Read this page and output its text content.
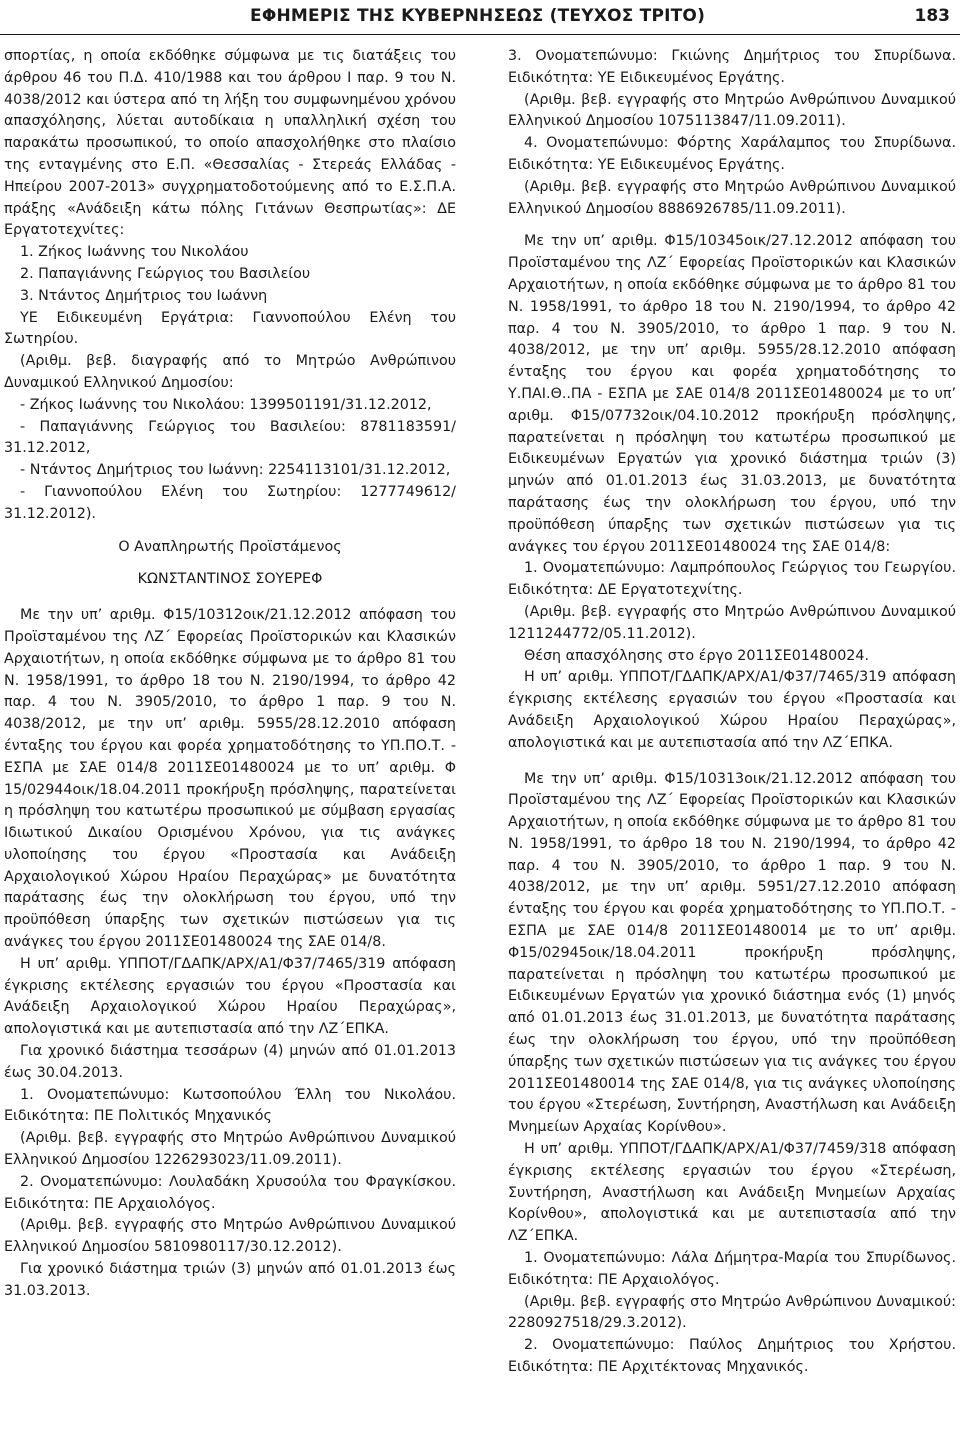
ΕΦΗΜΕΡΙΣ ΤΗΣ ΚΥΒΕΡΝΗΣΕΩΣ (ΤΕΥΧΟΣ ΤΡΙΤΟ)	183

σπορτίας, η οποία εκδόθηκε σύμφωνα με τις διατάξεις του άρθρου 46 του Π.Δ. 410/1988 και του άρθρου Ι παρ. 9 του Ν. 4038/2012 και ύστερα από τη λήξη του συμφωνημένου χρόνου απασχόλησης, λύεται αυτοδίκαια η υπαλληλική σχέση του παρακάτω προσωπικού, το οποίο απασχολήθηκε στο πλαίσιο της ενταγμένης στο Ε.Π. «Θεσσαλίας - Στερεάς Ελλάδας - Ηπείρου 2007-2013» συγχρηματοδοτούμενης από το Ε.Σ.Π.Α. πράξης «Ανάδειξη κάτω πόλης Γιτάνων Θεσπρωτίας»: ΔΕ Εργατοτεχνίτες:

1. Ζήκος Ιωάννης του Νικολάου

2. Παπαγιάννης Γεώργιος του Βασιλείου

3. Ντάντος Δημήτριος του Ιωάννη

ΥΕ Ειδικευμένη Εργάτρια: Γιαννοπούλου Ελένη του Σωτηρίου.

(Αριθμ. βεβ. διαγραφής από το Μητρώο Ανθρώπινου Δυναμικού Ελληνικού Δημοσίου:

- Ζήκος Ιωάννης του Νικολάου: 1399501191/31.12.2012,

- Παπαγιάννης Γεώργιος του Βασιλείου: 8781183591/ 31.12.2012,

- Ντάντος Δημήτριος του Ιωάννη: 2254113101/31.12.2012,

- Γιαννοπούλου Ελένη του Σωτηρίου: 1277749612/ 31.12.2012).

Ο Αναπληρωτής Προϊστάμενος

ΚΩΝΣΤΑΝΤΙΝΟΣ ΣΟΥΕΡΕΦ

Με την υπ’ αριθμ. Φ15/10312οικ/21.12.2012 απόφαση του Προϊσταμένου της ΛΖ΄ Εφορείας Προϊστορικών και Κλασικών Αρχαιοτήτων, η οποία εκδόθηκε σύμφωνα με το άρθρο 81 του Ν. 1958/1991, το άρθρο 18 του Ν. 2190/1994, το άρθρο 42 παρ. 4 του Ν. 3905/2010, το άρθρο 1 παρ. 9 του Ν. 4038/2012, με την υπ’ αριθμ. 5955/28.12.2010 απόφαση ένταξης του έργου και φορέα χρηματοδότησης το ΥΠ.ΠΟ.Τ. - ΕΣΠΑ με ΣΑΕ 014/8 2011ΣΕ01480024 με το υπ’ αριθμ. Φ 15/02944οικ/18.04.2011 προκήρυξη πρόσληψης, παρατείνεται η πρόσληψη του κατωτέρω προσωπικού με σύμβαση εργασίας Ιδιωτικού Δικαίου Ορισμένου Χρόνου, για τις ανάγκες υλοποίησης του έργου «Προστασία και Ανάδειξη Αρχαιολογικού Χώρου Ηραίου Περαχώρας» με δυνατότητα παράτασης έως την ολοκλήρωση του έργου, υπό την προϋπόθεση ύπαρξης των σχετικών πιστώσεων για τις ανάγκες του έργου 2011ΣΕ01480024 της ΣΑΕ 014/8.

Η υπ’ αριθμ. ΥΠΠΟΤ/ΓΔΑΠΚ/ΑΡΧ/Α1/Φ37/7465/319 απόφαση έγκρισης εκτέλεσης εργασιών του έργου «Προστασία και Ανάδειξη Αρχαιολογικού Χώρου Ηραίου Περαχώρας», απολογιστικά και με αυτεπιστασία από την ΛΖ΄ΕΠΚΑ.

Για χρονικό διάστημα τεσσάρων (4) μηνών από 01.01.2013 έως 30.04.2013.

1. Ονοματεπώνυμο: Κωτσοπούλου Έλλη του Νικολάου. Ειδικότητα: ΠΕ Πολιτικός Μηχανικός

(Αριθμ. βεβ. εγγραφής στο Μητρώο Ανθρώπινου Δυναμικού Ελληνικού Δημοσίου 1226293023/11.09.2011).

2. Ονοματεπώνυμο: Λουλαδάκη Χρυσούλα του Φραγκίσκου. Ειδικότητα: ΠΕ Αρχαιολόγος.

(Αριθμ. βεβ. εγγραφής στο Μητρώο Ανθρώπινου Δυναμικού Ελληνικού Δημοσίου 5810980117/30.12.2012).

Για χρονικό διάστημα τριών (3) μηνών από 01.01.2013 έως 31.03.2013.

3. Ονοματεπώνυμο: Γκιώνης Δημήτριος του Σπυρίδωνα. Ειδικότητα: ΥΕ Ειδικευμένος Εργάτης.

(Αριθμ. βεβ. εγγραφής στο Μητρώο Ανθρώπινου Δυναμικού Ελληνικού Δημοσίου 1075113847/11.09.2011).

4. Ονοματεπώνυμο: Φόρτης Χαράλαμπος του Σπυρίδωνα. Ειδικότητα: ΥΕ Ειδικευμένος Εργάτης.

(Αριθμ. βεβ. εγγραφής στο Μητρώο Ανθρώπινου Δυναμικού Ελληνικού Δημοσίου 8886926785/11.09.2011).

Με την υπ’ αριθμ. Φ15/10345οικ/27.12.2012 απόφαση του Προϊσταμένου της ΛΖ΄ Εφορείας Προϊστορικών και Κλασικών Αρχαιοτήτων, η οποία εκδόθηκε σύμφωνα με το άρθρο 81 του Ν. 1958/1991, το άρθρο 18 του Ν. 2190/1994, το άρθρο 42 παρ. 4 του Ν. 3905/2010, το άρθρο 1 παρ. 9 του Ν. 4038/2012, με την υπ’ αριθμ. 5955/28.12.2010 απόφαση ένταξης του έργου και φορέα χρηματοδότησης το Υ.ΠΑΙ.Θ..ΠΑ - ΕΣΠΑ με ΣΑΕ 014/8 2011ΣΕ01480024 με το υπ’ αριθμ. Φ15/07732οικ/04.10.2012 προκήρυξη πρόσληψης, παρατείνεται η πρόσληψη του κατωτέρω προσωπικού με Ειδικευμένων Εργατών για χρονικό διάστημα τριών (3) μηνών από 01.01.2013 έως 31.03.2013, με δυνατότητα παράτασης έως την ολοκλήρωση του έργου, υπό την προϋπόθεση ύπαρξης των σχετικών πιστώσεων για τις ανάγκες του έργου 2011ΣΕ01480024 της ΣΑΕ 014/8:

1. Ονοματεπώνυμο: Λαμπρόπουλος Γεώργιος του Γεωργίου. Ειδικότητα: ΔΕ Εργατοτεχνίτης.

(Αριθμ. βεβ. εγγραφής στο Μητρώο Ανθρώπινου Δυναμικού 1211244772/05.11.2012).

Θέση απασχόλησης στο έργο 2011ΣΕ01480024.

Η υπ’ αριθμ. ΥΠΠΟΤ/ΓΔΑΠΚ/ΑΡΧ/Α1/Φ37/7465/319 απόφαση έγκρισης εκτέλεσης εργασιών του έργου «Προστασία και Ανάδειξη Αρχαιολογικού Χώρου Ηραίου Περαχώρας», απολογιστικά και με αυτεπιστασία από την ΛΖ΄ΕΠΚΑ.

Με την υπ’ αριθμ. Φ15/10313οικ/21.12.2012 απόφαση του Προϊσταμένου της ΛΖ΄ Εφορείας Προϊστορικών και Κλασικών Αρχαιοτήτων, η οποία εκδόθηκε σύμφωνα με το άρθρο 81 του Ν. 1958/1991, το άρθρο 18 του Ν. 2190/1994, το άρθρο 42 παρ. 4 του Ν. 3905/2010, το άρθρο 1 παρ. 9 του Ν. 4038/2012, με την υπ’ αριθμ. 5951/27.12.2010 απόφαση ένταξης του έργου και φορέα χρηματοδότησης το ΥΠ.ΠΟ.Τ. - ΕΣΠΑ με ΣΑΕ 014/8 2011ΣΕ01480014 με το υπ’ αριθμ. Φ15/02945οικ/18.04.2011 προκήρυξη πρόσληψης, παρατείνεται η πρόσληψη του κατωτέρω προσωπικού με Ειδικευμένων Εργατών για χρονικό διάστημα ενός (1) μηνός από 01.01.2013 έως 31.01.2013, με δυνατότητα παράτασης έως την ολοκλήρωση του έργου, υπό την προϋπόθεση ύπαρξης των σχετικών πιστώσεων για τις ανάγκες του έργου 2011ΣΕ01480014 της ΣΑΕ 014/8, για τις ανάγκες υλοποίησης του έργου «Στερέωση, Συντήρηση, Αναστήλωση και Ανάδειξη Μνημείων Αρχαίας Κορίνθου».

Η υπ’ αριθμ. ΥΠΠΟΤ/ΓΔΑΠΚ/ΑΡΧ/Α1/Φ37/7459/318 απόφαση έγκρισης εκτέλεσης εργασιών του έργου «Στερέωση, Συντήρηση, Αναστήλωση και Ανάδειξη Μνημείων Αρχαίας Κορίνθου», απολογιστικά και με αυτεπιστασία από την ΛΖ΄ΕΠΚΑ.

1. Ονοματεπώνυμο: Λάλα Δήμητρα-Μαρία του Σπυρίδωνος. Ειδικότητα: ΠΕ Αρχαιολόγος.

(Αριθμ. βεβ. εγγραφής στο Μητρώο Ανθρώπινου Δυναμικού: 2280927518/29.3.2012).

2. Ονοματεπώνυμο: Παύλος Δημήτριος του Χρήστου. Ειδικότητα: ΠΕ Αρχιτέκτονας Μηχανικός.
